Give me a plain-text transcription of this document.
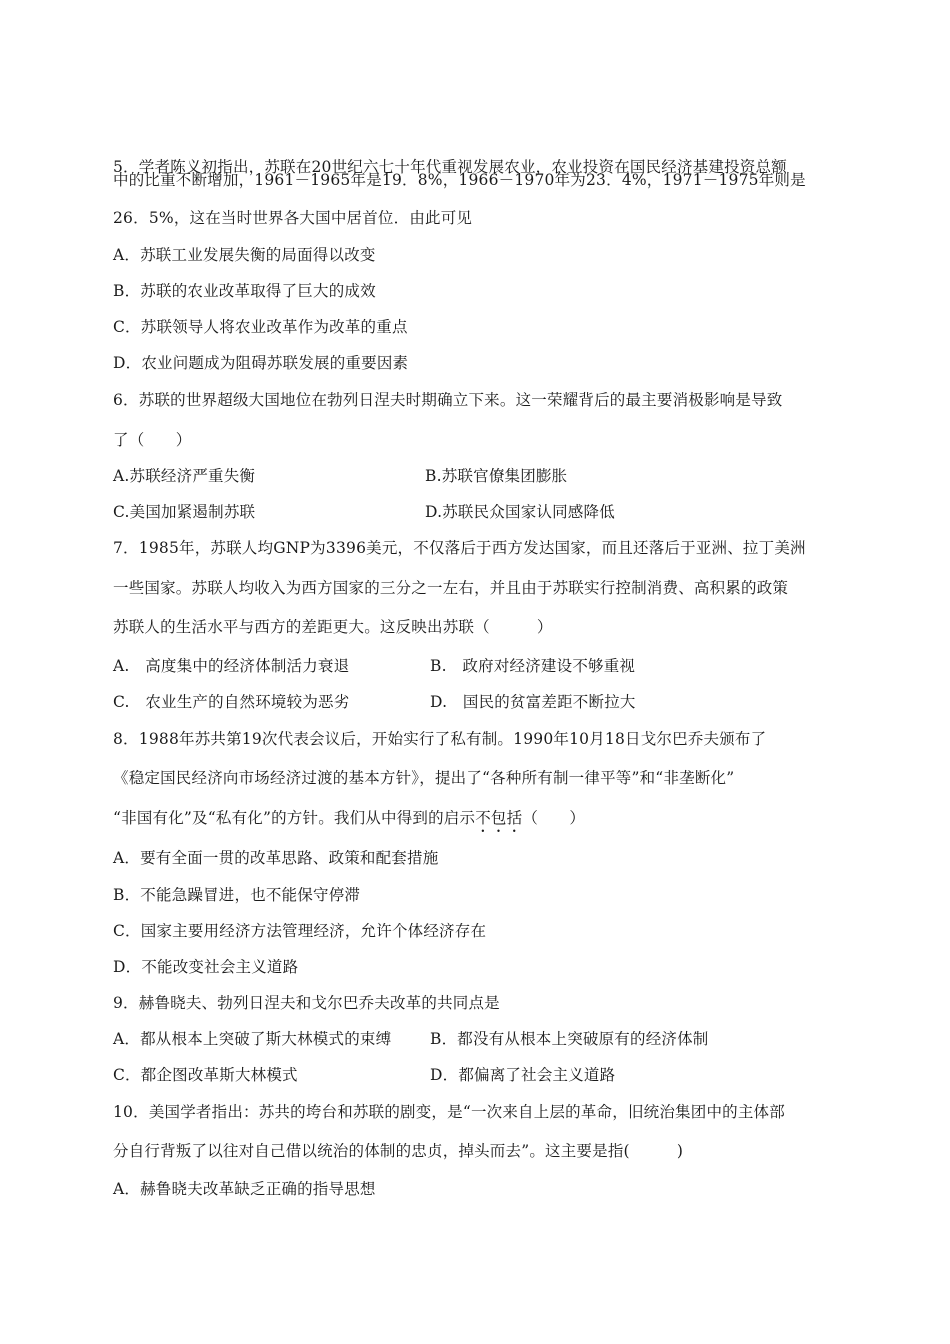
5．学者陈义初指出，苏联在20世纪六七十年代重视发展农业，农业投资在国民经济基建投资总额
中的比重不断增加，1961－1965年是19．8%，1966－1970年为23．4%，1971－1975年则是
26．5%，这在当时世界各大国中居首位．由此可见
A．苏联工业发展失衡的局面得以改变
B．苏联的农业改革取得了巨大的成效
C．苏联领导人将农业改革作为改革的重点
D．农业问题成为阻碍苏联发展的重要因素
6．苏联的世界超级大国地位在勃列日涅夫时期确立下来。这一荣耀背后的最主要消极影响是导致
了（　　）
A.苏联经济严重失衡	B.苏联官僚集团膨胀
C.美国加紧遏制苏联	D.苏联民众国家认同感降低
7．1985年，苏联人均GNP为3396美元，不仅落后于西方发达国家，而且还落后于亚洲、拉丁美洲
一些国家。苏联人均收入为西方国家的三分之一左右，并且由于苏联实行控制消费、高积累的政策
苏联人的生活水平与西方的差距更大。这反映出苏联（　　　）
A.　高度集中的经济体制活力衰退	B.　政府对经济建设不够重视
C.　农业生产的自然环境较为恶劣	D.　国民的贫富差距不断拉大
8．1988年苏共第19次代表会议后，开始实行了私有制。1990年10月18日戈尔巴乔夫颁布了
《稳定国民经济向市场经济过渡的基本方针》，提出了“各种所有制一律平等”和“非垄断化”
“非国有化”及“私有化”的方针。我们从中得到的启示不包括（　　）
A．要有全面一贯的改革思路、政策和配套措施
B．不能急躁冒进，也不能保守停滞
C．国家主要用经济方法管理经济，允许个体经济存在
D．不能改变社会主义道路
9．赫鲁晓夫、勃列日涅夫和戈尔巴乔夫改革的共同点是
A．都从根本上突破了斯大林模式的束缚 B．都没有从根本上突破原有的经济体制
C．都企图改革斯大林模式	D．都偏离了社会主义道路
10．美国学者指出：苏共的垮台和苏联的剧变，是“一次来自上层的革命，旧统治集团中的主体部
分自行背叛了以往对自己借以统治的体制的忠贞，掉头而去”。这主要是指(　　　)
A．赫鲁晓夫改革缺乏正确的指导思想
